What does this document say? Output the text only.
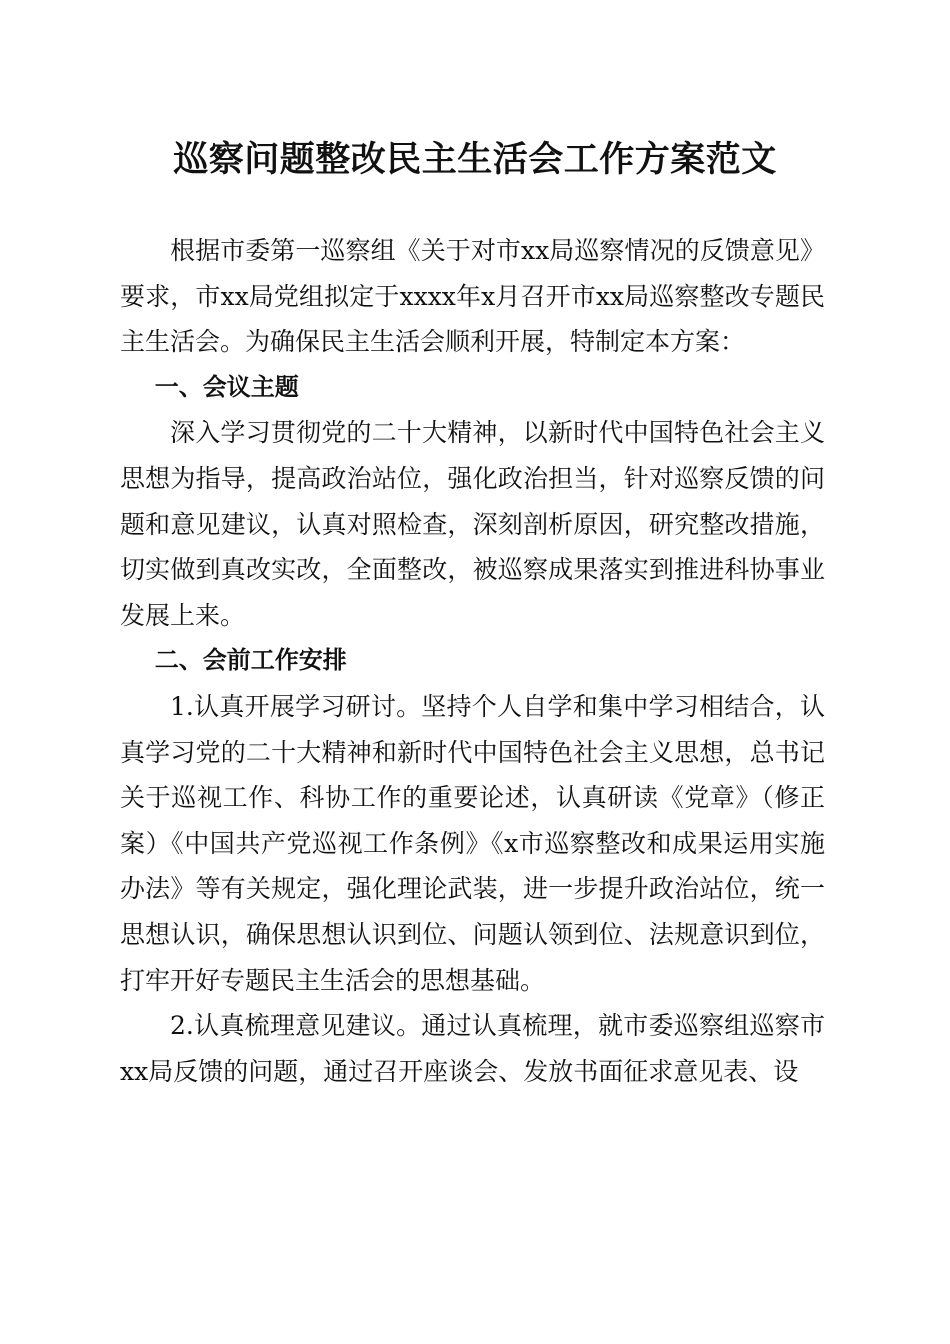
巡察问题整改民主生活会工作方案范文

根据市委第一巡察组《关于对市xx局巡察情况的反馈意见》要求，市xx局党组拟定于xxxx年x月召开市xx局巡察整改专题民主生活会。为确保民主生活会顺利开展，特制定本方案：

一、会议主题

深入学习贯彻党的二十大精神，以新时代中国特色社会主义思想为指导，提高政治站位，强化政治担当，针对巡察反馈的问题和意见建议，认真对照检查，深刻剖析原因，研究整改措施，切实做到真改实改，全面整改，被巡察成果落实到推进科协事业发展上来。

二、会前工作安排

1.认真开展学习研讨。坚持个人自学和集中学习相结合，认真学习党的二十大精神和新时代中国特色社会主义思想，总书记关于巡视工作、科协工作的重要论述，认真研读《党章》（修正案）《中国共产党巡视工作条例》《x市巡察整改和成果运用实施办法》等有关规定，强化理论武装，进一步提升政治站位，统一思想认识，确保思想认识到位、问题认领到位、法规意识到位，打牢开好专题民主生活会的思想基础。

2.认真梳理意见建议。通过认真梳理，就市委巡察组巡察市xx局反馈的问题，通过召开座谈会、发放书面征求意见表、设
